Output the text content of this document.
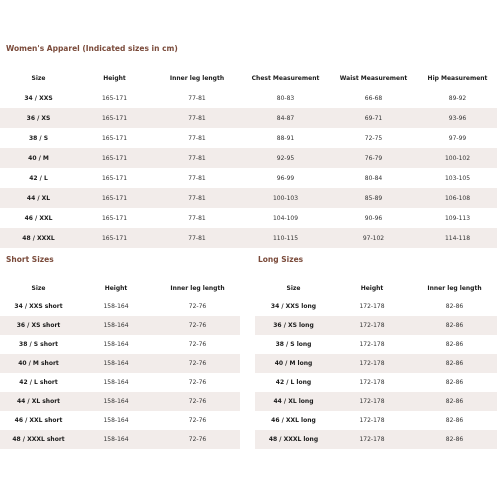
Women's Apparel (Indicated sizes in cm)
Size	Height	Inner leg length	Chest Measurement	Waist Measurement	Hip Measurement
34 / XXS	165-171	77-81	80-83	66-68	89-92
36 / XS	165-171	77-81	84-87	69-71	93-96
38 / S	165-171	77-81	88-91	72-75	97-99
40 / M	165-171	77-81	92-95	76-79	100-102
42 / L	165-171	77-81	96-99	80-84	103-105
44 / XL	165-171	77-81	100-103	85-89	106-108
46 / XXL	165-171	77-81	104-109	90-96	109-113
48 / XXXL	165-171	77-81	110-115	97-102	114-118
Short Sizes
Size	Height	Inner leg length
34 / XXS short	158-164	72-76
36 / XS short	158-164	72-76
38 / S short	158-164	72-76
40 / M short	158-164	72-76
42 / L short	158-164	72-76
44 / XL short	158-164	72-76
46 / XXL short	158-164	72-76
48 / XXXL short	158-164	72-76
Long Sizes
Size	Height	Inner leg length
34 / XXS long	172-178	82-86
36 / XS long	172-178	82-86
38 / S long	172-178	82-86
40 / M long	172-178	82-86
42 / L long	172-178	82-86
44 / XL long	172-178	82-86
46 / XXL long	172-178	82-86
48 / XXXL long	172-178	82-86
